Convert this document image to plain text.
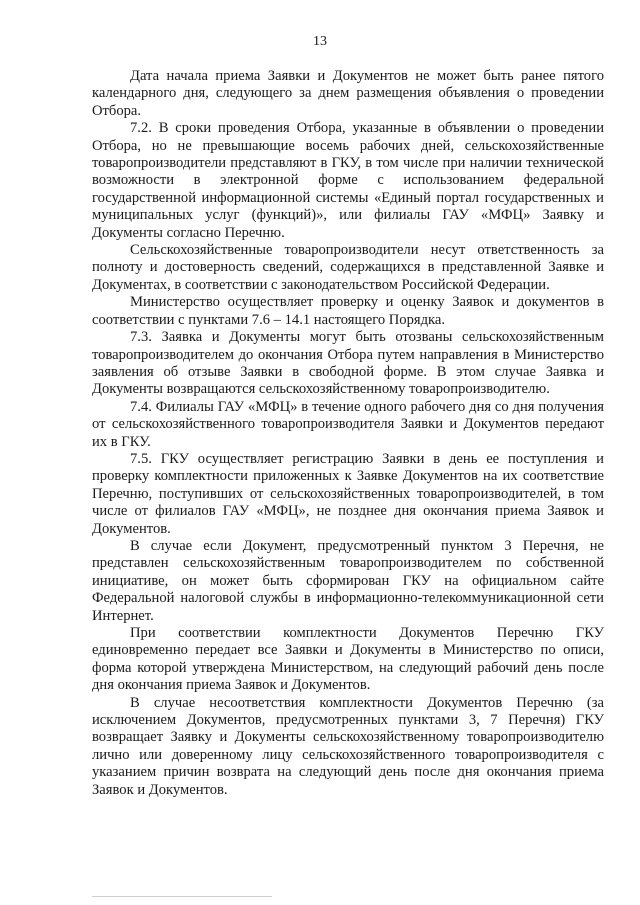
13

Дата начала приема Заявки и Документов не может быть ранее пятого календарного дня, следующего за днем размещения объявления о проведении Отбора.

7.2. В сроки проведения Отбора, указанные в объявлении о проведении Отбора, но не превышающие восемь рабочих дней, сельскохозяйственные товаропроизводители представляют в ГКУ, в том числе при наличии технической возможности в электронной форме с использованием федеральной государственной информационной системы «Единый портал государственных и муниципальных услуг (функций)», или филиалы ГАУ «МФЦ» Заявку и Документы согласно Перечню.

Сельскохозяйственные товаропроизводители несут ответственность за полноту и достоверность сведений, содержащихся в представленной Заявке и Документах, в соответствии с законодательством Российской Федерации.

Министерство осуществляет проверку и оценку Заявок и документов в соответствии с пунктами 7.6 – 14.1 настоящего Порядка.

7.3. Заявка и Документы могут быть отозваны сельскохозяйственным товаропроизводителем до окончания Отбора путем направления в Министерство заявления об отзыве Заявки в свободной форме. В этом случае Заявка и Документы возвращаются сельскохозяйственному товаропроизводителю.

7.4. Филиалы ГАУ «МФЦ» в течение одного рабочего дня со дня получения от сельскохозяйственного товаропроизводителя Заявки и Документов передают их в ГКУ.

7.5. ГКУ осуществляет регистрацию Заявки в день ее поступления и проверку комплектности приложенных к Заявке Документов на их соответствие Перечню, поступивших от сельскохозяйственных товаропроизводителей, в том числе от филиалов ГАУ «МФЦ», не позднее дня окончания приема Заявок и Документов.

В случае если Документ, предусмотренный пунктом 3 Перечня, не представлен сельскохозяйственным товаропроизводителем по собственной инициативе, он может быть сформирован ГКУ на официальном сайте Федеральной налоговой службы в информационно-телекоммуникационной сети Интернет.

При соответствии комплектности Документов Перечню ГКУ единовременно передает все Заявки и Документы в Министерство по описи, форма которой утверждена Министерством, на следующий рабочий день после дня окончания приема Заявок и Документов.

В случае несоответствия комплектности Документов Перечню (за исключением Документов, предусмотренных пунктами 3, 7 Перечня) ГКУ возвращает Заявку и Документы сельскохозяйственному товаропроизводителю лично или доверенному лицу сельскохозяйственного товаропроизводителя с указанием причин возврата на следующий день после дня окончания приема Заявок и Документов.
